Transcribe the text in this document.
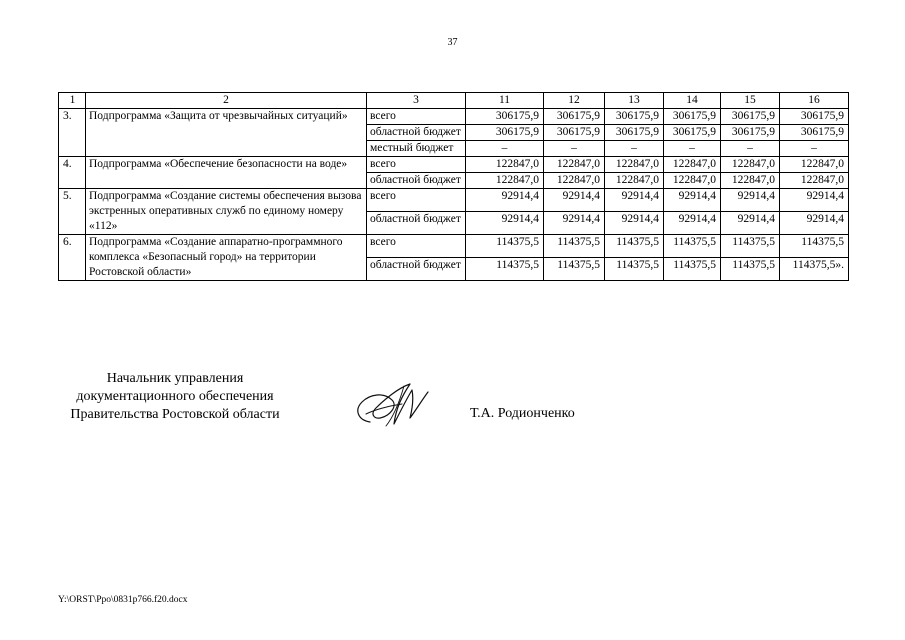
37
1	2	3	11	12	13	14	15	16
3.	Подпрограмма «Защита от чрезвычайных ситуаций»	всего	306175,9	306175,9	306175,9	306175,9	306175,9	306175,9
		областной бюджет	306175,9	306175,9	306175,9	306175,9	306175,9	306175,9
		местный бюджет	–	–	–	–	–	–
4.	Подпрограмма «Обеспечение безопасности на воде»	всего	122847,0	122847,0	122847,0	122847,0	122847,0	122847,0
		областной бюджет	122847,0	122847,0	122847,0	122847,0	122847,0	122847,0
5.	Подпрограмма «Создание системы обеспечения вызова экстренных оперативных служб по единому номеру «112»	всего	92914,4	92914,4	92914,4	92914,4	92914,4	92914,4
		областной бюджет	92914,4	92914,4	92914,4	92914,4	92914,4	92914,4
6.	Подпрограмма «Создание аппаратно-программного комплекса «Безопасный город» на территории Ростовской области»	всего	114375,5	114375,5	114375,5	114375,5	114375,5	114375,5
		областной бюджет	114375,5	114375,5	114375,5	114375,5	114375,5	114375,5».
Начальник управления
документационного обеспечения
Правительства Ростовской области	Т.А. Родионченко
Y:\ORST\Ppo\0831p766.f20.docx
